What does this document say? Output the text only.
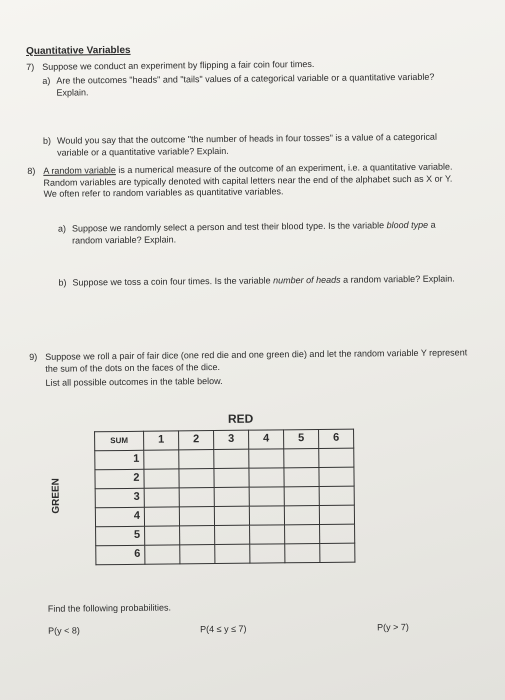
Quantitative Variables
7) Suppose we conduct an experiment by flipping a fair coin four times.
a) Are the outcomes "heads" and "tails" values of a categorical variable or a quantitative variable? Explain.
b) Would you say that the outcome "the number of heads in four tosses" is a value of a categorical variable or a quantitative variable? Explain.
8) A random variable is a numerical measure of the outcome of an experiment, i.e. a quantitative variable. Random variables are typically denoted with capital letters near the end of the alphabet such as X or Y. We often refer to random variables as quantitative variables.
a) Suppose we randomly select a person and test their blood type. Is the variable blood type a random variable? Explain.
b) Suppose we toss a coin four times. Is the variable number of heads a random variable? Explain.
9) Suppose we roll a pair of fair dice (one red die and one green die) and let the random variable Y represent the sum of the dots on the faces of the dice.
List all possible outcomes in the table below.
RED
GREEN
SUM	1	2	3	4	5	6
1						
2						
3						
4						
5						
6						
Find the following probabilities.
P(y < 8)	P(4 ≤ y ≤ 7)	P(y > 7)
